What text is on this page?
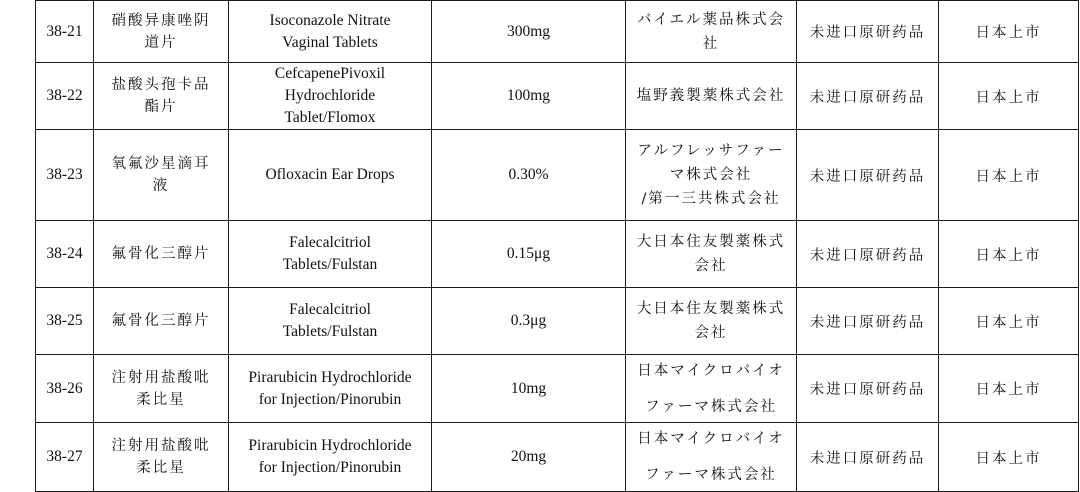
38-21	硝酸异康唑阴
道片	Isoconazole Nitrate
Vaginal Tablets	300mg	バイエル薬品株式会
社	未进口原研药品	日本上市
38-22	盐酸头孢卡品
酯片	CefcapenePivoxil
Hydrochloride
Tablet/Flomox	100mg	塩野義製薬株式会社	未进口原研药品	日本上市
38-23	氧氟沙星滴耳
液	Ofloxacin Ear Drops	0.30%	アルフレッサファー
マ株式会社
/第一三共株式会社	未进口原研药品	日本上市
38-24	氟骨化三醇片	Falecalcitriol
Tablets/Fulstan	0.15μg	大日本住友製薬株式
会社	未进口原研药品	日本上市
38-25	氟骨化三醇片	Falecalcitriol
Tablets/Fulstan	0.3μg	大日本住友製薬株式
会社	未进口原研药品	日本上市
38-26	注射用盐酸吡
柔比星	Pirarubicin Hydrochloride
for Injection/Pinorubin	10mg	日本マイクロバイオ
ファーマ株式会社	未进口原研药品	日本上市
38-27	注射用盐酸吡
柔比星	Pirarubicin Hydrochloride
for Injection/Pinorubin	20mg	日本マイクロバイオ
ファーマ株式会社	未进口原研药品	日本上市
